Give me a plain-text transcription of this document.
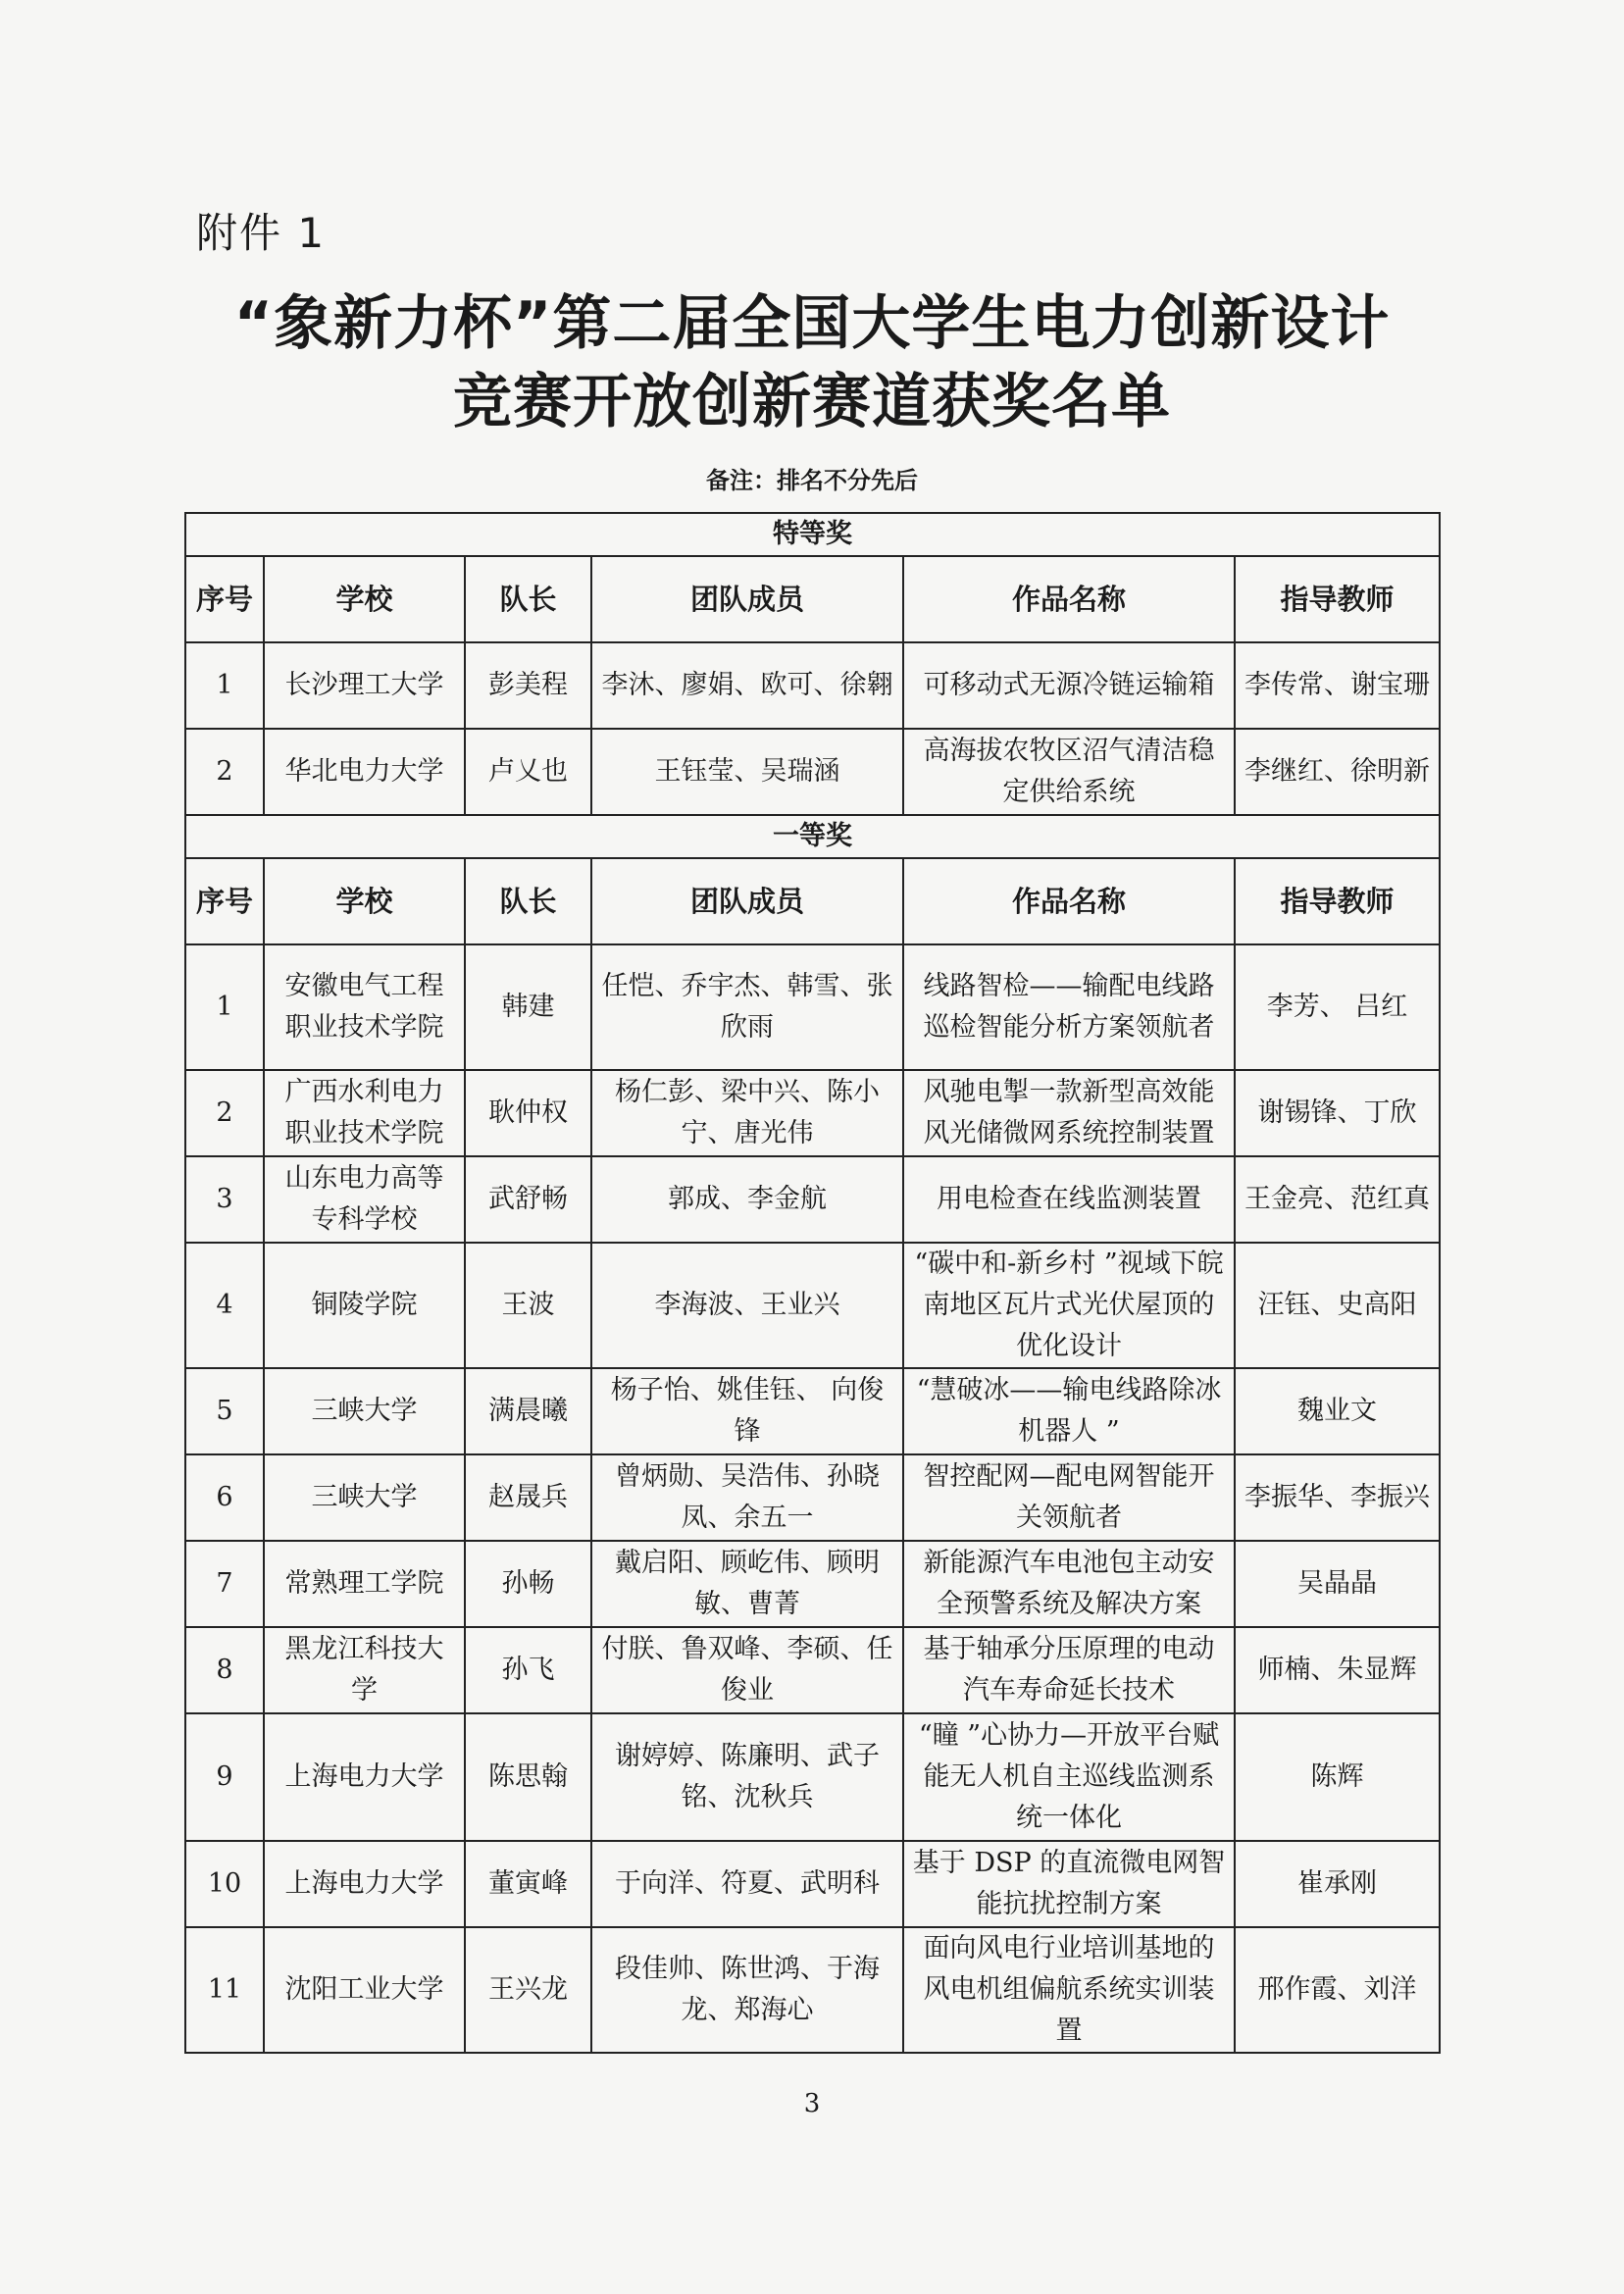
附件 1
“象新力杯”第二届全国大学生电力创新设计
竞赛开放创新赛道获奖名单
备注：排名不分先后
特等奖					
序号	学校	队长	团队成员	作品名称	指导教师
1	长沙理工大学	彭美程	李沐、廖娟、欧可、徐翱	可移动式无源冷链运输箱	李传常、谢宝珊
2	华北电力大学	卢乂也	王钰莹、吴瑞涵	高海拔农牧区沼气清洁稳定供给系统	李继红、徐明新
一等奖					
序号	学校	队长	团队成员	作品名称	指导教师
1	安徽电气工程职业技术学院	韩建	任恺、乔宇杰、韩雪、张欣雨	线路智检——输配电线路巡检智能分析方案领航者	李芳、 吕红
2	广西水利电力职业技术学院	耿仲权	杨仁彭、梁中兴、陈小宁、唐光伟	风驰电掣一款新型高效能风光储微网系统控制装置	谢锡锋、丁欣
3	山东电力高等专科学校	武舒畅	郭成、李金航	用电检查在线监测装置	王金亮、范红真
4	铜陵学院	王波	李海波、王业兴	“碳中和-新乡村 ”视域下皖南地区瓦片式光伏屋顶的优化设计	汪钰、史高阳
5	三峡大学	满晨曦	杨子怡、姚佳钰、 向俊锋	“慧破冰——输电线路除冰机器人 ”	魏业文
6	三峡大学	赵晟兵	曾炳勋、吴浩伟、孙晓凤、余五一	智控配网—配电网智能开关领航者	李振华、李振兴
7	常熟理工学院	孙畅	戴启阳、顾屹伟、顾明敏、曹菁	新能源汽车电池包主动安全预警系统及解决方案	吴晶晶
8	黑龙江科技大学	孙飞	付朕、鲁双峰、李硕、任俊业	基于轴承分压原理的电动汽车寿命延长技术	师楠、朱显辉
9	上海电力大学	陈思翰	谢婷婷、陈廉明、武子铭、沈秋兵	“瞳 ”心协力—开放平台赋能无人机自主巡线监测系统一体化	陈辉
10	上海电力大学	董寅峰	于向洋、符夏、武明科	基于 DSP 的直流微电网智能抗扰控制方案	崔承刚
11	沈阳工业大学	王兴龙	段佳帅、陈世鸿、于海龙、郑海心	面向风电行业培训基地的风电机组偏航系统实训装置	邢作霞、刘洋
3
